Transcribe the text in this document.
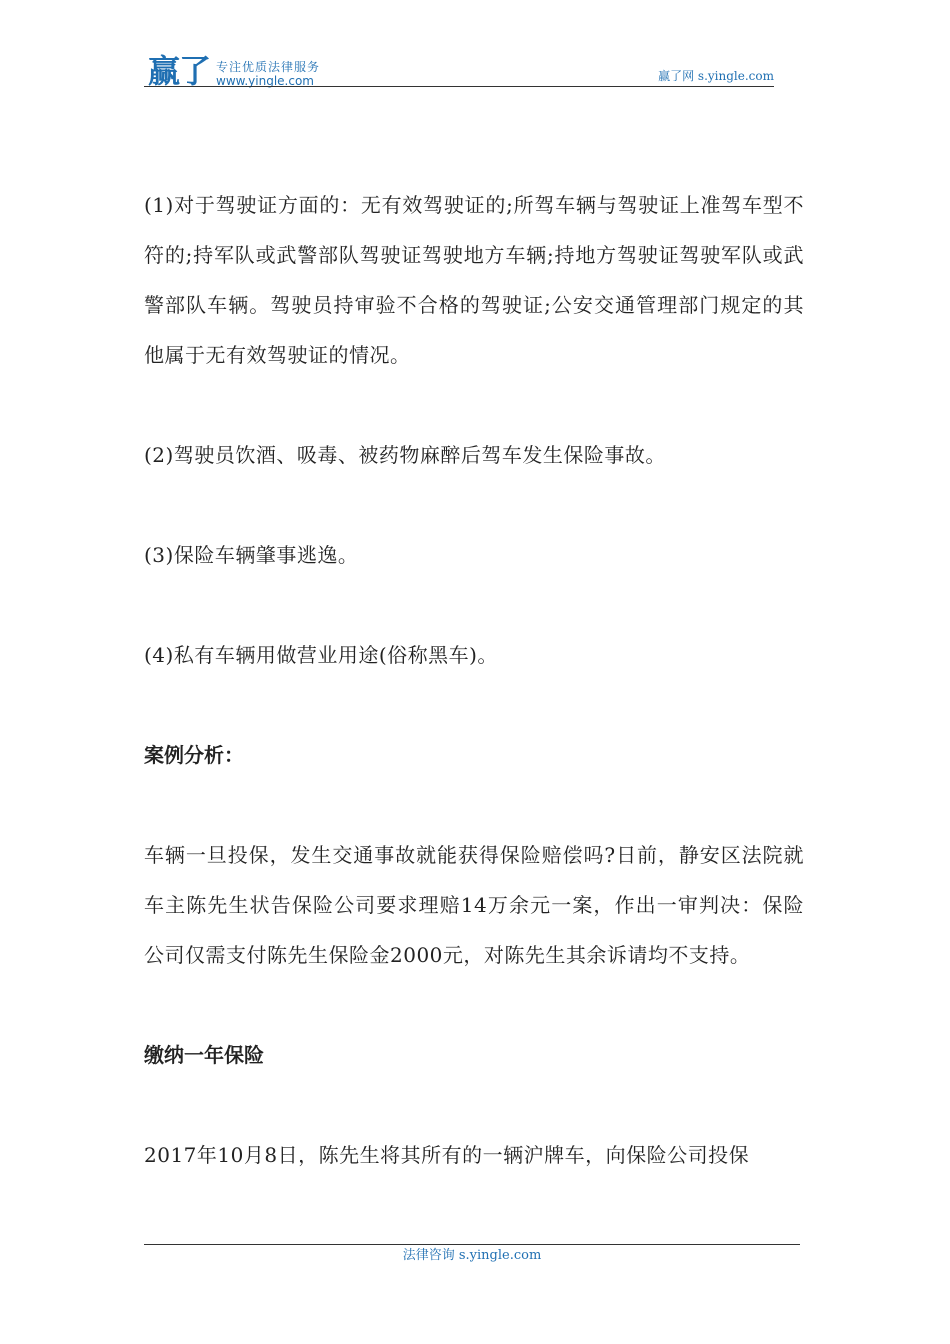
赢了 专注优质法律服务
www.yingle.com	赢了网 s.yingle.com

(1)对于驾驶证方面的：无有效驾驶证的;所驾车辆与驾驶证上准驾车型不符的;持军队或武警部队驾驶证驾驶地方车辆;持地方驾驶证驾驶军队或武警部队车辆。驾驶员持审验不合格的驾驶证;公安交通管理部门规定的其他属于无有效驾驶证的情况。

(2)驾驶员饮酒、吸毒、被药物麻醉后驾车发生保险事故。

(3)保险车辆肇事逃逸。

(4)私有车辆用做营业用途(俗称黑车)。

案例分析：

车辆一旦投保，发生交通事故就能获得保险赔偿吗?日前，静安区法院就车主陈先生状告保险公司要求理赔14万余元一案，作出一审判决：保险公司仅需支付陈先生保险金2000元，对陈先生其余诉请均不支持。

缴纳一年保险

2017年10月8日，陈先生将其所有的一辆沪牌车，向保险公司投保

法律咨询 s.yingle.com
